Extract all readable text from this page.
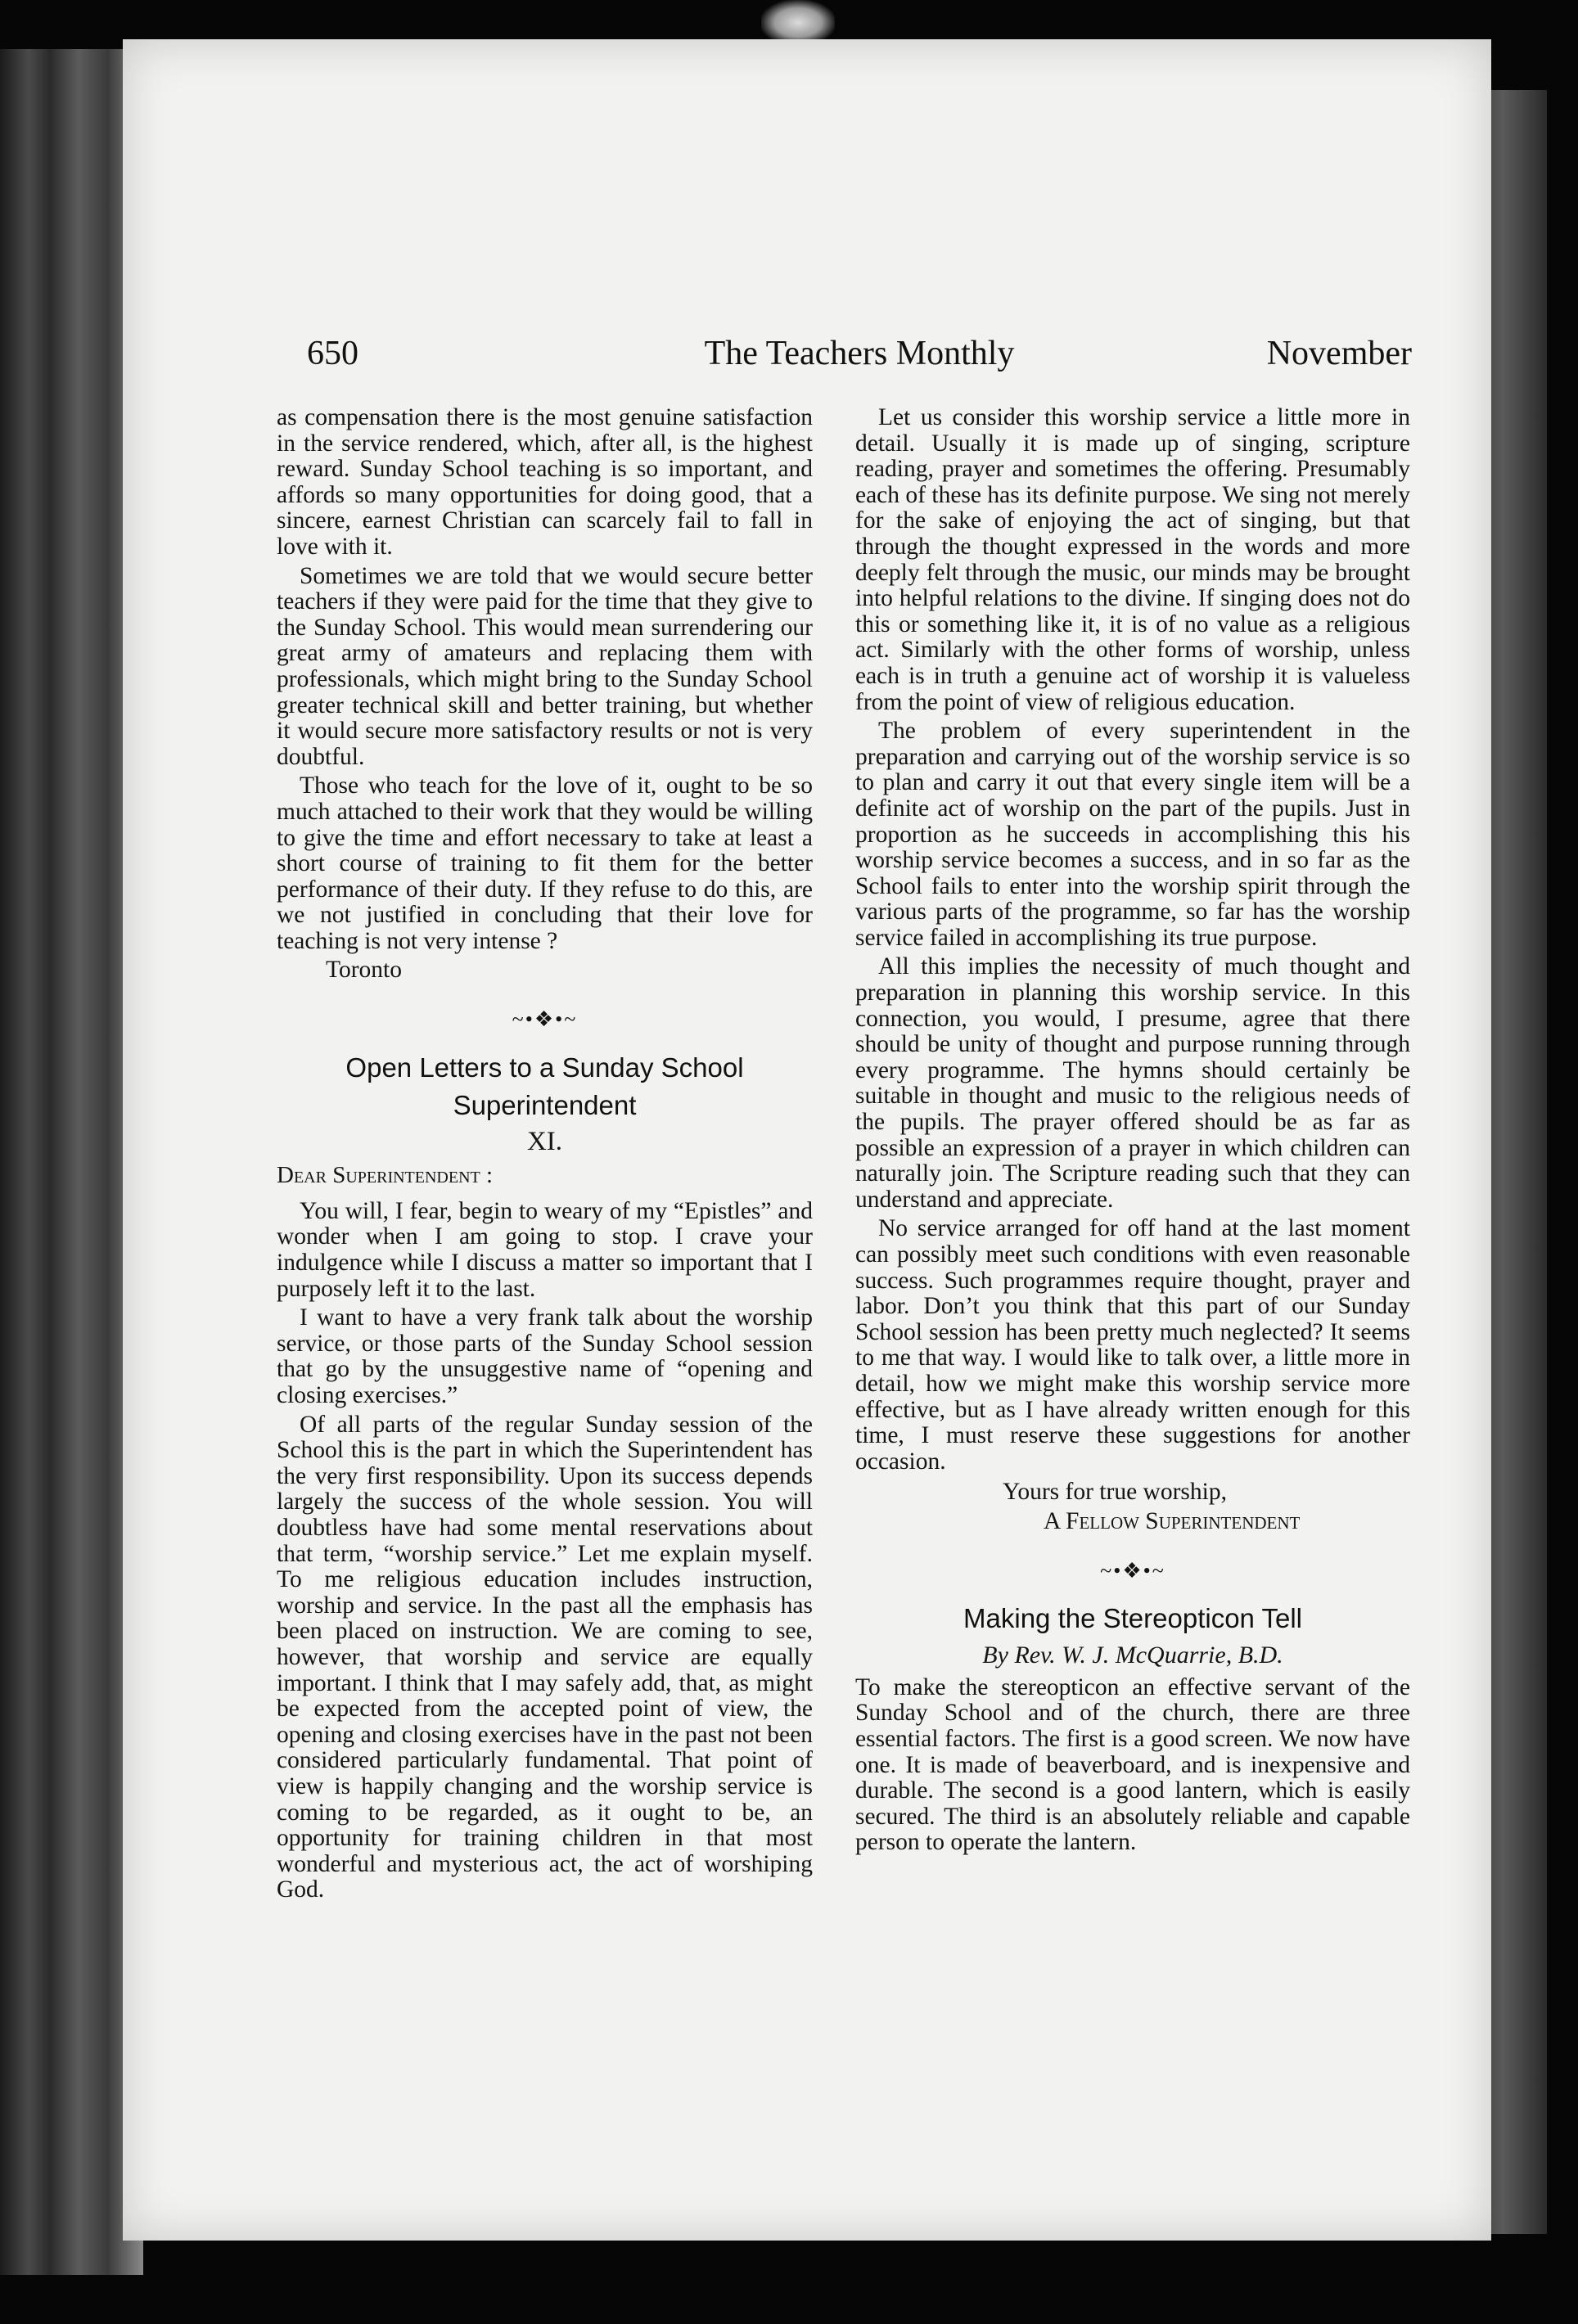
650	The Teachers Monthly	November

as compensation there is the most genuine satisfaction in the service rendered, which, after all, is the highest reward. Sunday School teaching is so important, and affords so many opportunities for doing good, that a sincere, earnest Christian can scarcely fail to fall in love with it.

Sometimes we are told that we would secure better teachers if they were paid for the time that they give to the Sunday School. This would mean surrendering our great army of amateurs and replacing them with professionals, which might bring to the Sunday School greater technical skill and better training, but whether it would secure more satisfactory results or not is very doubtful.

Those who teach for the love of it, ought to be so much attached to their work that they would be willing to give the time and effort necessary to take at least a short course of training to fit them for the better performance of their duty. If they refuse to do this, are we not justified in concluding that their love for teaching is not very intense ?

Toronto
~•❖•~
Open Letters to a Sunday School Superintendent
XI.
Dear Superintendent :

You will, I fear, begin to weary of my “Epistles” and wonder when I am going to stop. I crave your indulgence while I discuss a matter so important that I purposely left it to the last.

I want to have a very frank talk about the worship service, or those parts of the Sunday School session that go by the unsuggestive name of “opening and closing exercises.”

Of all parts of the regular Sunday session of the School this is the part in which the Superintendent has the very first responsibility. Upon its success depends largely the success of the whole session. You will doubtless have had some mental reservations about that term, “worship service.” Let me explain myself. To me religious education includes instruction, worship and service. In the past all the emphasis has been placed on instruction. We are coming to see, however, that worship and service are equally important. I think that I may safely add, that, as might be expected from the accepted point of view, the opening and closing exercises have in the past not been considered particularly fundamental. That point of view is happily changing and the worship service is coming to be regarded, as it ought to be, an opportunity for training children in that most wonderful and mysterious act, the act of worshiping God.

Let us consider this worship service a little more in detail. Usually it is made up of singing, scripture reading, prayer and sometimes the offering. Presumably each of these has its definite purpose. We sing not merely for the sake of enjoying the act of singing, but that through the thought expressed in the words and more deeply felt through the music, our minds may be brought into helpful relations to the divine. If singing does not do this or something like it, it is of no value as a religious act. Similarly with the other forms of worship, unless each is in truth a genuine act of worship it is valueless from the point of view of religious education.

The problem of every superintendent in the preparation and carrying out of the worship service is so to plan and carry it out that every single item will be a definite act of worship on the part of the pupils. Just in proportion as he succeeds in accomplishing this his worship service becomes a success, and in so far as the School fails to enter into the worship spirit through the various parts of the programme, so far has the worship service failed in accomplishing its true purpose.

All this implies the necessity of much thought and preparation in planning this worship service. In this connection, you would, I presume, agree that there should be unity of thought and purpose running through every programme. The hymns should certainly be suitable in thought and music to the religious needs of the pupils. The prayer offered should be as far as possible an expression of a prayer in which children can naturally join. The Scripture reading such that they can understand and appreciate.

No service arranged for off hand at the last moment can possibly meet such conditions with even reasonable success. Such programmes require thought, prayer and labor. Don’t you think that this part of our Sunday School session has been pretty much neglected? It seems to me that way. I would like to talk over, a little more in detail, how we might make this worship service more effective, but as I have already written enough for this time, I must reserve these suggestions for another occasion.

Yours for true worship,
A Fellow Superintendent
~•❖•~
Making the Stereopticon Tell
By Rev. W. J. McQuarrie, B.D.

To make the stereopticon an effective servant of the Sunday School and of the church, there are three essential factors. The first is a good screen. We now have one. It is made of beaverboard, and is inexpensive and durable. The second is a good lantern, which is easily secured. The third is an absolutely reliable and capable person to operate the lantern.
